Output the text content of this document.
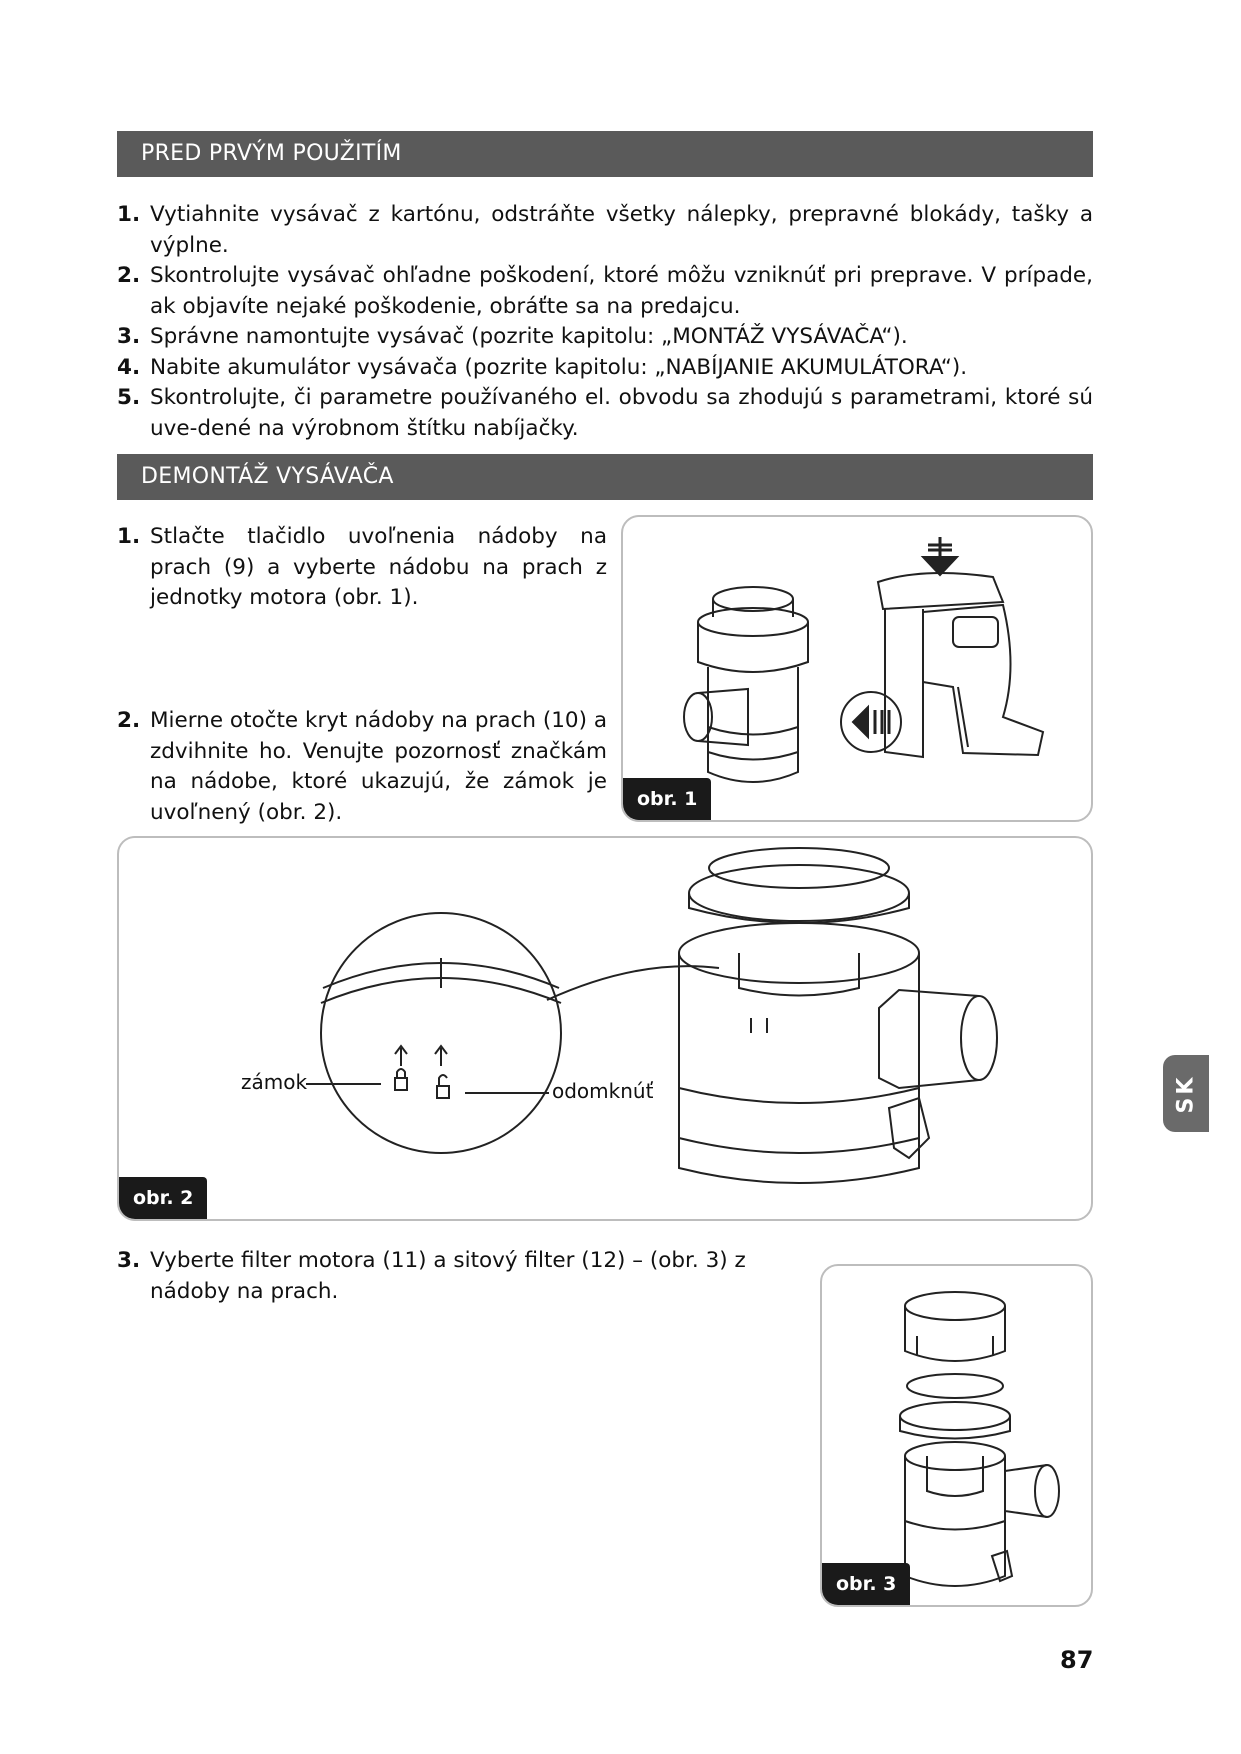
PRED PRVÝM POUŽITÍM
1. Vytiahnite vysávač z kartónu, odstráňte všetky nálepky, prepravné blokády, tašky a výplne.
2. Skontrolujte vysávač ohľadne poškodení, ktoré môžu vzniknúť pri preprave. V prípade, ak objavíte nejaké poškodenie, obráťte sa na predajcu.
3. Správne namontujte vysávač (pozrite kapitolu: „MONTÁŽ VYSÁVAČA“).
4. Nabite akumulátor vysávača (pozrite kapitolu: „NABÍJANIE AKUMULÁTORA“).
5. Skontrolujte, či parametre používaného el. obvodu sa zhodujú s parametrami, ktoré sú uve-dené na výrobnom štítku nabíjačky.
DEMONTÁŽ VYSÁVAČA
1. Stlačte tlačidlo uvoľnenia nádoby na prach (9) a vyberte nádobu na prach z jednotky motora (obr. 1).
2. Mierne otočte kryt nádoby na prach (10) a zdvihnite ho. Venujte pozornosť značkám na nádobe, ktoré ukazujú, že zámok je uvoľnený (obr. 2).
obr. 1
zámok	odomknúť
obr. 2
3. Vyberte filter motora (11) a sitový filter (12) – (obr. 3) z nádoby na prach.
obr. 3
SK
87
